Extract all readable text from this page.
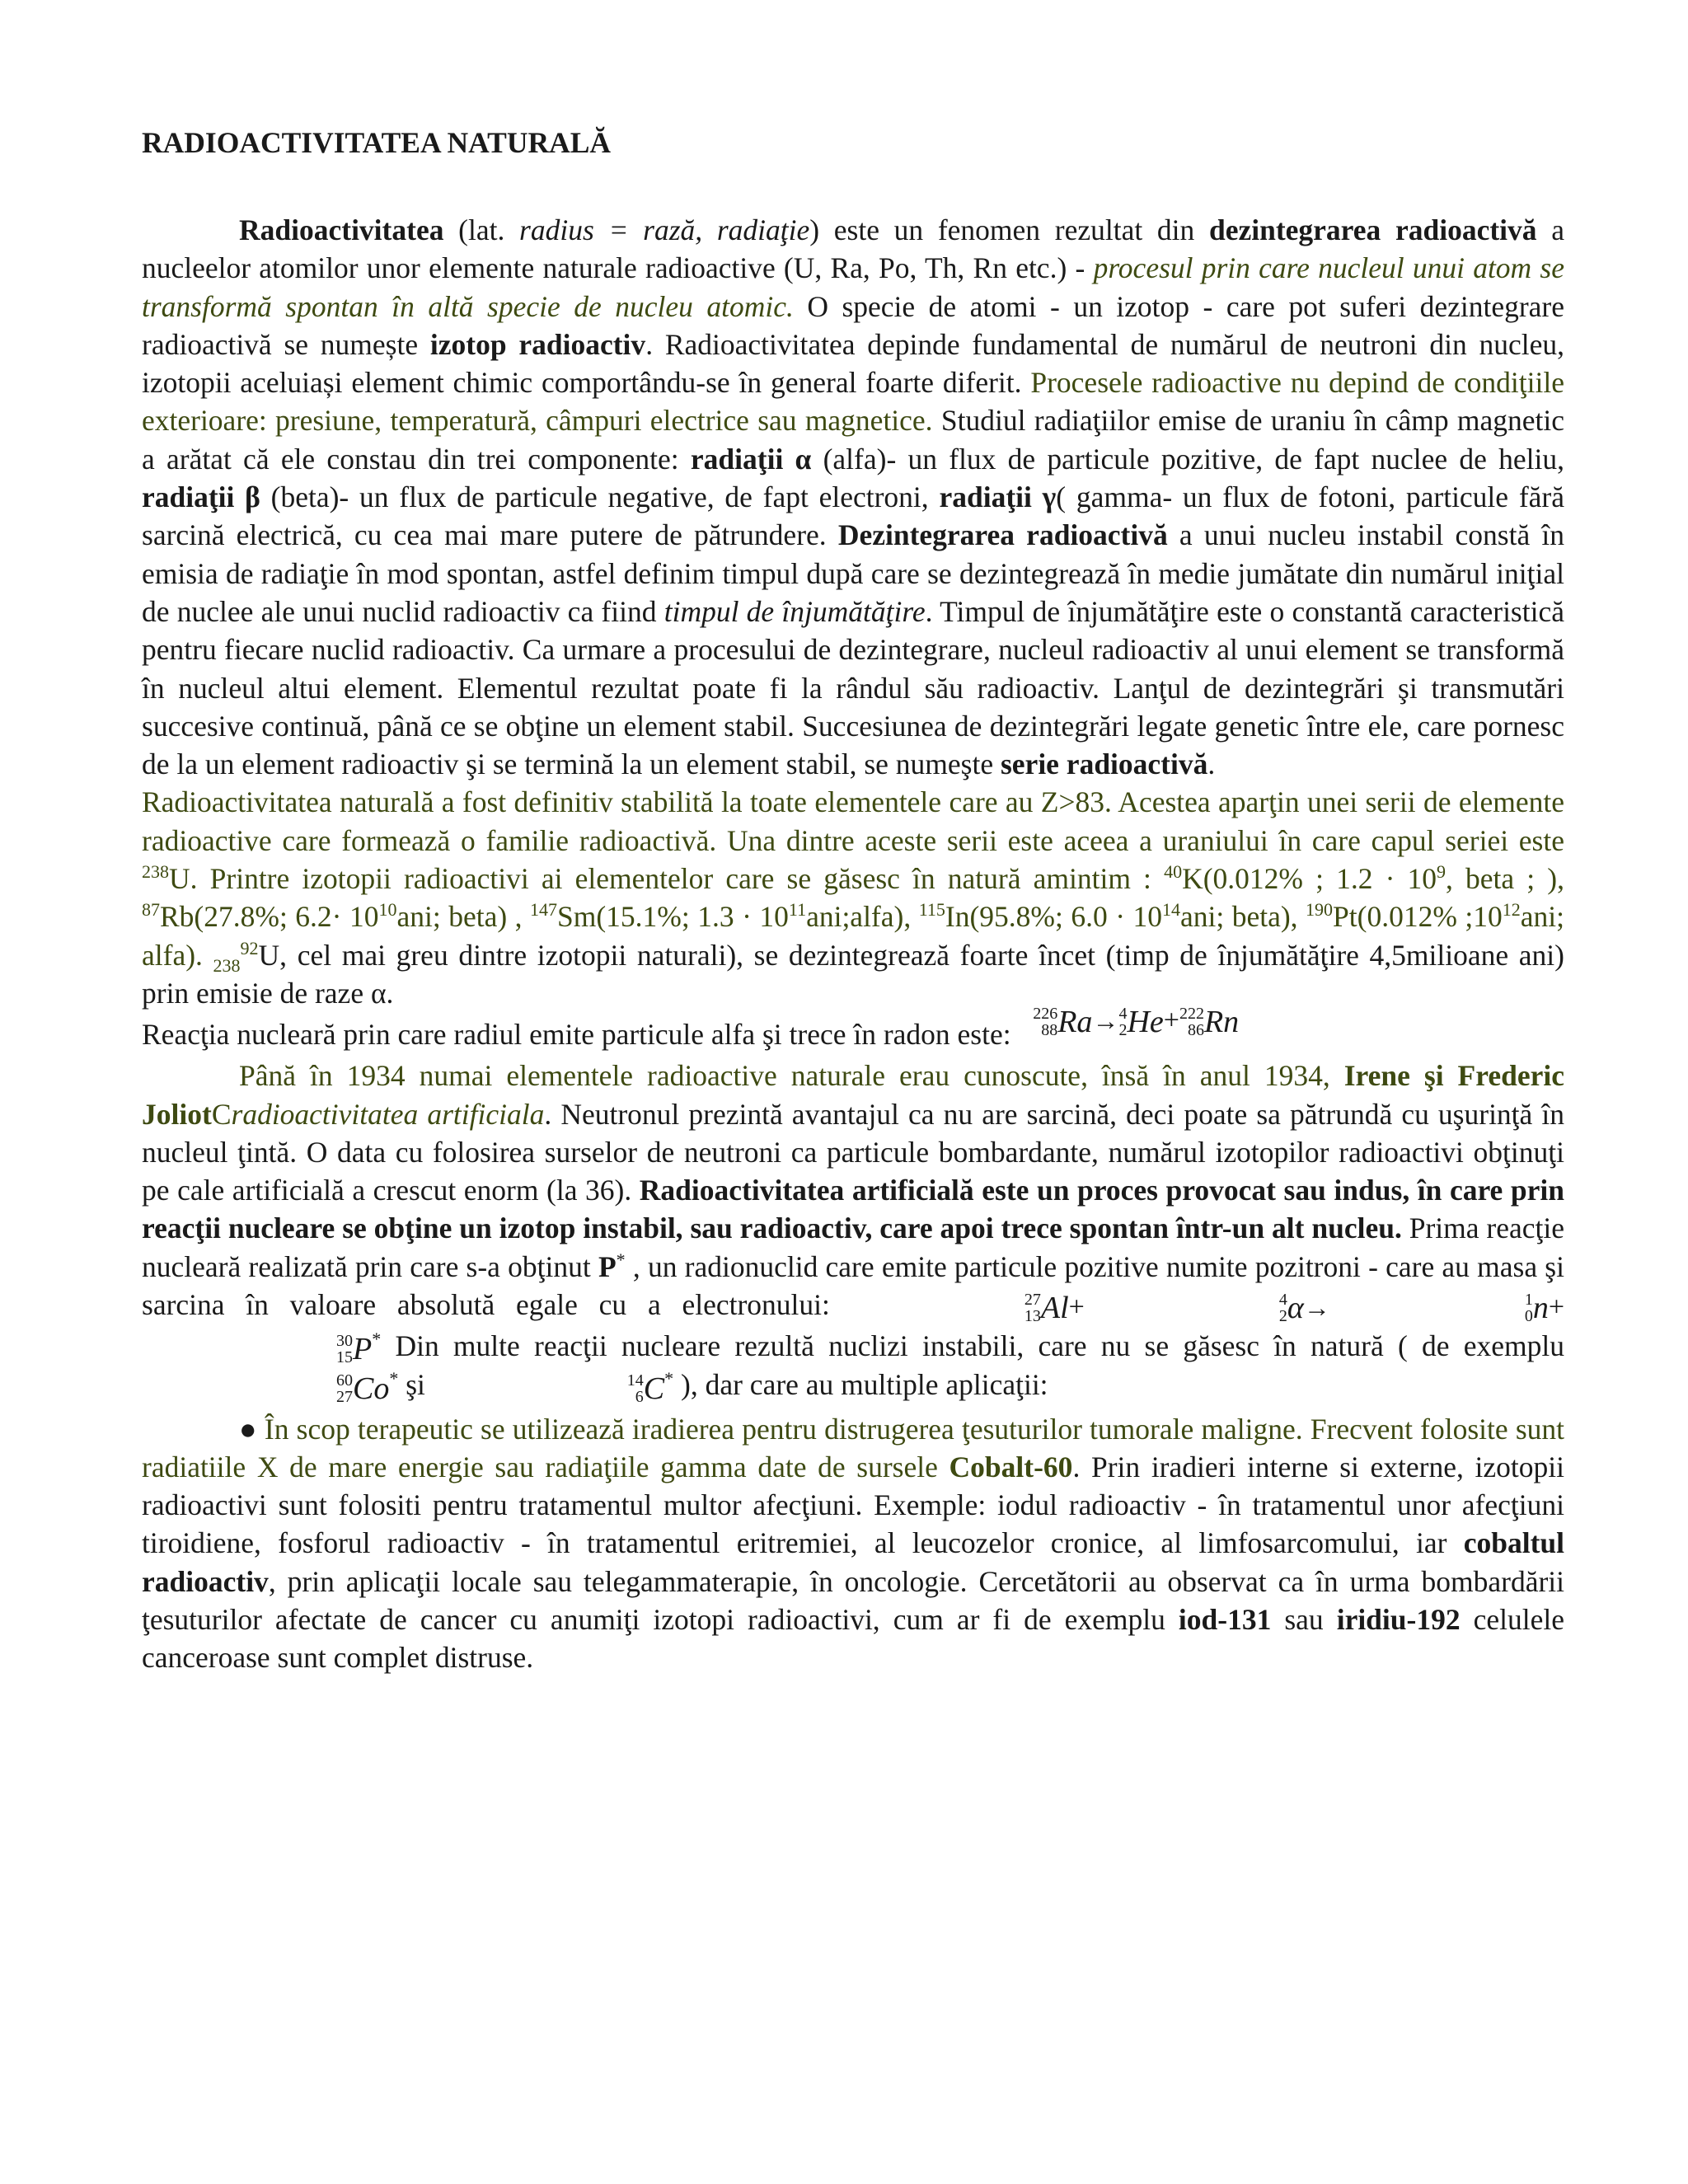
RADIOACTIVITATEA NATURALĂ

Radioactivitatea (lat. radius = rază, radiaţie) este un fenomen rezultat din dezintegrarea radioactivă a nucleelor atomilor unor elemente naturale radioactive (U, Ra, Po, Th, Rn etc.) - procesul prin care nucleul unui atom se transformă spontan în altă specie de nucleu atomic. O specie de atomi - un izotop - care pot suferi dezintegrare radioactivă se numește izotop radioactiv. Radioactivitatea depinde fundamental de numărul de neutroni din nucleu, izotopii aceluiași element chimic comportându-se în general foarte diferit. Procesele radioactive nu depind de condiţiile exterioare: presiune, temperatură, câmpuri electrice sau magnetice. Studiul radiaţiilor emise de uraniu în câmp magnetic a arătat că ele constau din trei componente: radiaţii α (alfa)- un flux de particule pozitive, de fapt nuclee de heliu, radiaţii β (beta)- un flux de particule negative, de fapt electroni, radiaţii γ( gamma- un flux de fotoni, particule fără sarcină electrică, cu cea mai mare putere de pătrundere. Dezintegrarea radioactivă a unui nucleu instabil constă în emisia de radiaţie în mod spontan, astfel definim timpul după care se dezintegrează în medie jumătate din numărul iniţial de nuclee ale unui nuclid radioactiv ca fiind timpul de înjumătăţire. Timpul de înjumătăţire este o constantă caracteristică pentru fiecare nuclid radioactiv. Ca urmare a procesului de dezintegrare, nucleul radioactiv al unui element se transformă în nucleul altui element. Elementul rezultat poate fi la rândul său radioactiv. Lanţul de dezintegrări şi transmutări succesive continuă, până ce se obţine un element stabil. Succesiunea de dezintegrări legate genetic între ele, care pornesc de la un element radioactiv şi se termină la un element stabil, se numeşte serie radioactivă.

Radioactivitatea naturală a fost definitiv stabilită la toate elementele care au Z>83. Acestea aparţin unei serii de elemente radioactive care formează o familie radioactivă. Una dintre aceste serii este aceea a uraniului în care capul seriei este $^{238}$U. Printre izotopii radioactivi ai elementelor care se găsesc în natură amintim : $^{40}$K(0.012% ; $1.2 \cdot 10^9$, beta ; ), $^{87}$Rb(27.8%; $6.2\cdot 10^{10}ani$; beta) , $^{147}$Sm(15.1%; $1.3 \cdot 10^{11}ani;alfa$), $^{115}$In(95.8%; $6.0 \cdot 10^{14}ani$; beta), $^{190}$Pt(0.012% $;10^{12}ani$; alfa). $_{238}^{92}$U, cel mai greu dintre izotopii naturali), se dezintegrează foarte încet (timp de înjumătăţire 4,5milioane ani) prin emisie de raze α.

Reacţia nucleară prin care radiul emite particule alfa şi trece în radon este:
226
88 Ra→ 4
2 He+ 222
86 Rn

Până în 1934 numai elementele radioactive naturale erau cunoscute, însă în anul 1934, Irene şi Frederic JoliotCradioactivitatea artificiala. Neutronul prezintă avantajul ca nu are sarcină, deci poate sa pătrundă cu uşurinţă în nucleul ţintă. O data cu folosirea surselor de neutroni ca particule bombardante, numărul izotopilor radioactivi obţinuţi pe cale artificială a crescut enorm (la 36). Radioactivitatea artificială este un proces provocat sau indus, în care prin reacţii nucleare se obţine un izotop instabil, sau radioactiv, care apoi trece spontan într-un alt nucleu. Prima reacţie nucleară realizată prin care s-a obţinut P* , un radionuclid care emite particule pozitive numite pozitroni - care au masa şi sarcina în valoare absolută egale cu a electronului:	27
13 Al+	4
2 α→	1
0 n+
30
15 P* Din multe reacţii nucleare rezultă nuclizi instabili, care nu se găsesc în natură ( de exemplu
60
27 Co* şi	14
6 C* ), dar care au multiple aplicaţii:

● În scop terapeutic se utilizează iradierea pentru distrugerea ţesuturilor tumorale maligne. Frecvent folosite sunt radiatiile X de mare energie sau radiaţiile gamma date de sursele Cobalt-60. Prin iradieri interne si externe, izotopii radioactivi sunt folositi pentru tratamentul multor afecţiuni. Exemple: iodul radioactiv - în tratamentul unor afecţiuni tiroidiene, fosforul radioactiv - în tratamentul eritremiei, al leucozelor cronice, al limfosarcomului, iar cobaltul radioactiv, prin aplicaţii locale sau telegammaterapie, în oncologie. Cercetătorii au observat ca în urma bombardării ţesuturilor afectate de cancer cu anumiţi izotopi radioactivi, cum ar fi de exemplu iod-131 sau iridiu-192 celulele canceroase sunt complet distruse.
